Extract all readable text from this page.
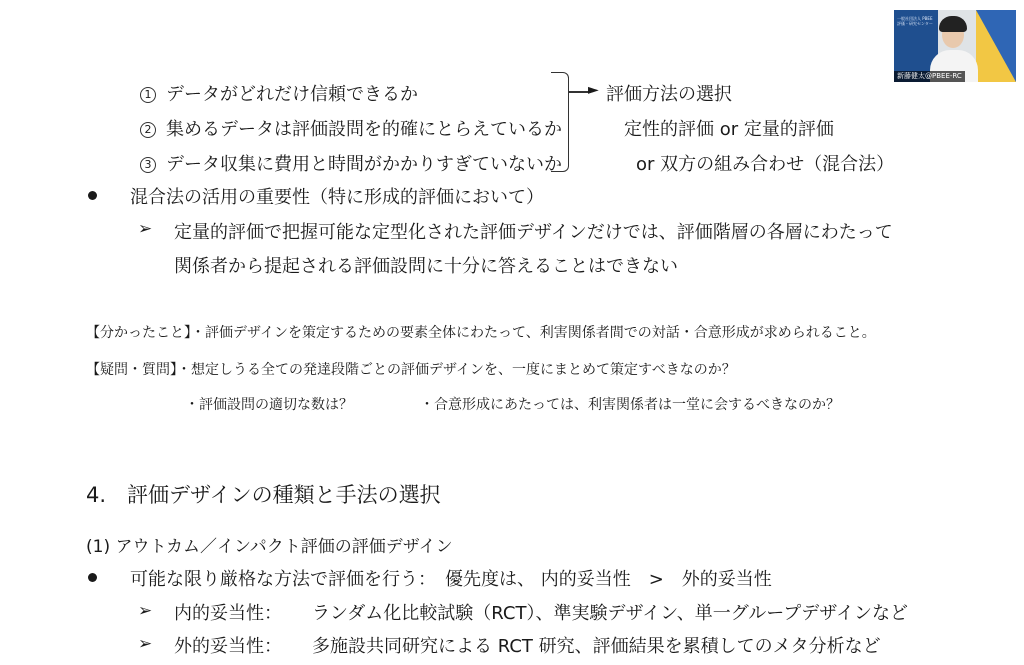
1 データがどれだけ信頼できるか
2 集めるデータは評価設問を的確にとらえているか
3 データ収集に費用と時間がかかりすぎていないか
► 評価方法の選択
定性的評価 or 定量的評価
or 双方の組み合わせ（混合法）
混合法の活用の重要性（特に形成的評価において）
➢ 定量的評価で把握可能な定型化された評価デザインだけでは、評価階層の各層にわたって
関係者から提起される評価設問に十分に答えることはできない
【分かったこと】・評価デザインを策定するための要素全体にわたって、利害関係者間での対話・合意形成が求められること。
【疑問・質問】・想定しうる全ての発達段階ごとの評価デザインを、一度にまとめて策定すべきなのか？
・評価設問の適切な数は？	・合意形成にあたっては、利害関係者は一堂に会するべきなのか？
4.　評価デザインの種類と手法の選択
(1) アウトカム／インパクト評価の評価デザイン
可能な限り厳格な方法で評価を行う：　優先度は、 内的妥当性　>　外的妥当性
➢ 内的妥当性： ランダム化比較試験（RCT）、準実験デザイン、単一グループデザインなど
➢ 外的妥当性： 多施設共同研究による RCT 研究、評価結果を累積してのメタ分析など
一般社団法人 PBEE 評価・研究センター
新藤健太@PBEE-RC
